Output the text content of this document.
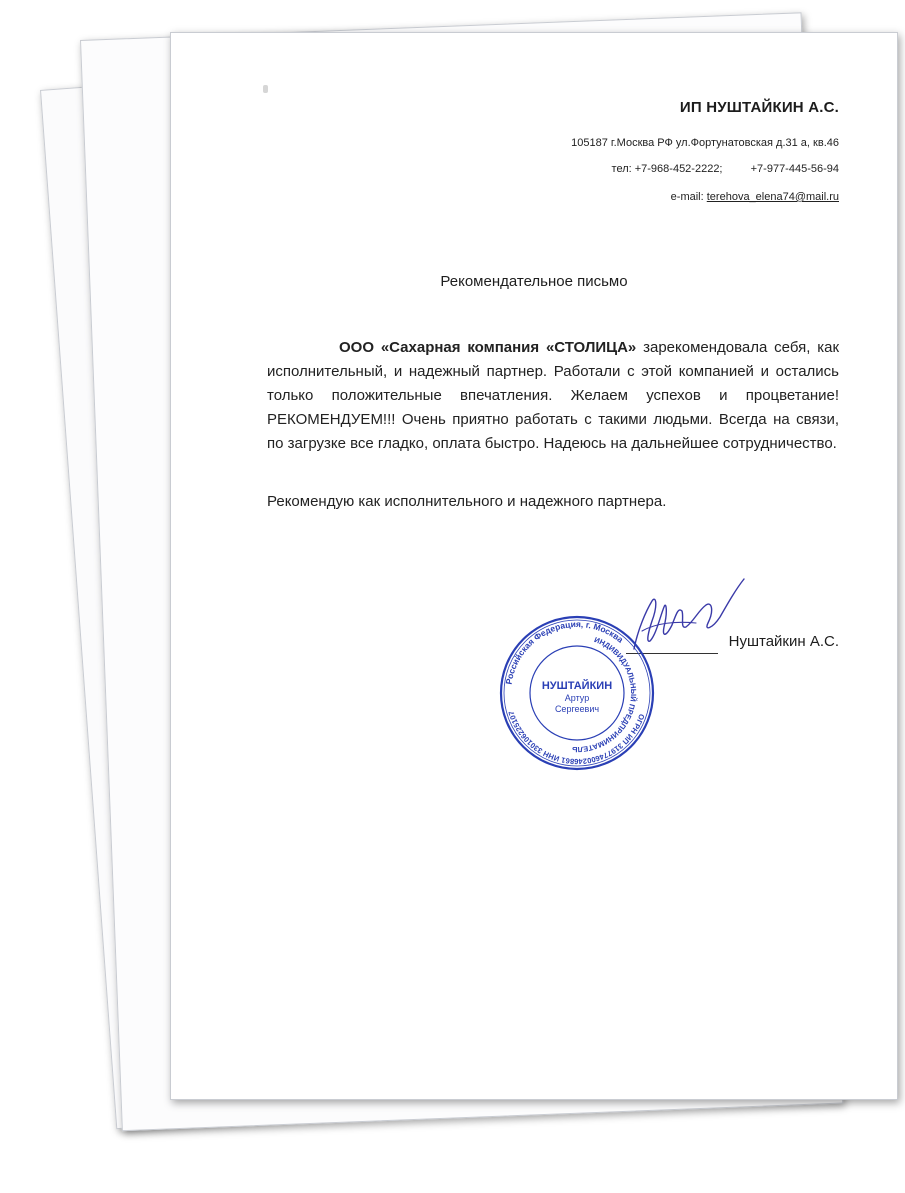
ИП НУШТАЙКИН А.С.
105187 г.Москва РФ ул.Фортунатовская д.31 а, кв.46
тел: +7-968-452-2222;	+7-977-445-56-94
e-mail: terehova_elena74@mail.ru
Рекомендательное письмо
ООО «Сахарная компания «СТОЛИЦА» зарекомендовала себя, как исполнительный, и надежный партнер. Работали с этой компанией и остались только положительные впечатления. Желаем успехов и процветание! РЕКОМЕНДУЕМ!!! Очень приятно работать с такими людьми. Всегда на связи, по загрузке все гладко, оплата быстро. Надеюсь на дальнейшее сотрудничество.
Рекомендую как исполнительного и надежного партнера.
Нуштайкин А.С.
Российская Федерация, г. Москва
ИНДИВИДУАЛЬНЫЙ ПРЕДПРИНИМАТЕЛЬ
ОГРН ИП 319774600246861 ИНН 330106225107
НУШТАЙКИН
Артур
Сергеевич
